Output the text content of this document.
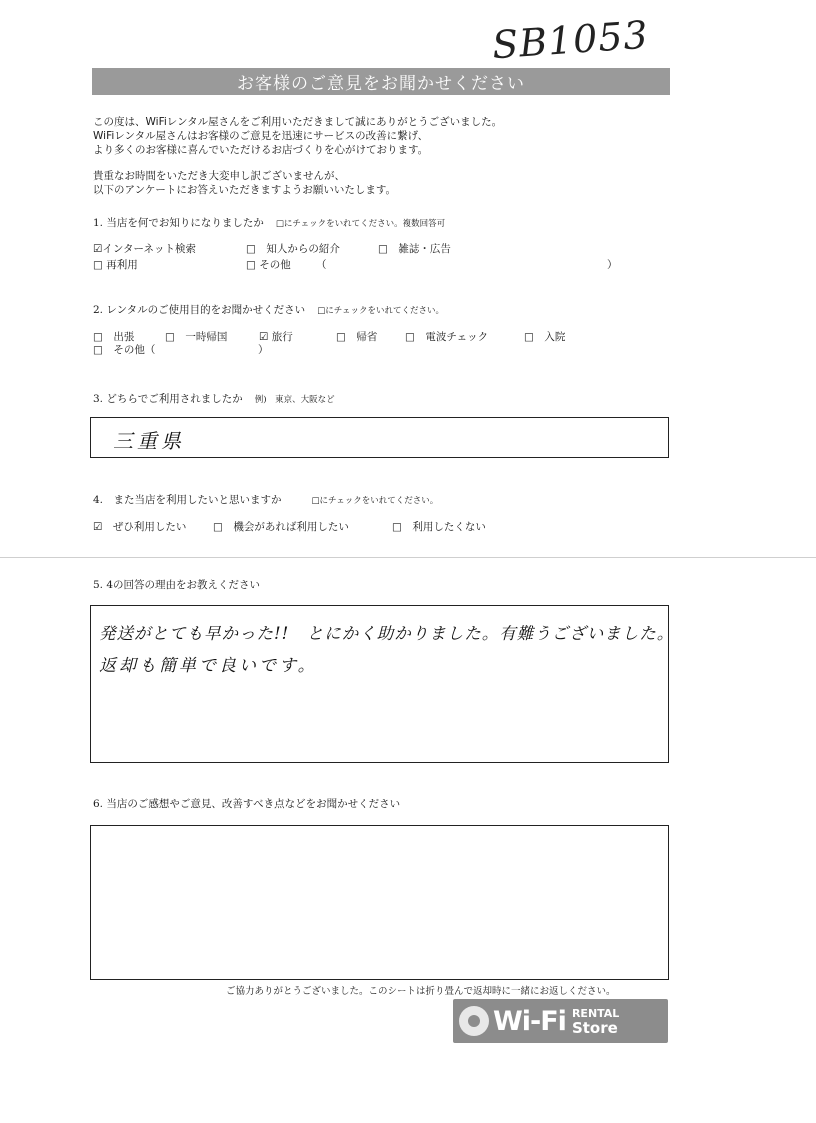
SB1053
お客様のご意見をお聞かせください

この度は、WiFiレンタル屋さんをご利用いただきまして誠にありがとうございました。
WiFiレンタル屋さんはお客様のご意見を迅速にサービスの改善に繋げ、
より多くのお客様に喜んでいただけるお店づくりを心がけております。

貴重なお時間をいただき大変申し訳ございませんが、
以下のアンケートにお答えいただきますようお願いいたします。

1. 当店を何でお知りになりましたか □にチェックをいれてください。複数回答可
☑インターネット検索	□　 知人からの紹介	□　 雑誌・広告
□ 再利用	□ その他 （	）
2. レンタルのご使用目的をお聞かせください □にチェックをいれてください。
□　 出張	□　 一時帰国	☑ 旅行	□　 帰省	□　 電波チェック	□　 入院
□　 その他（	）
3. どちらでご利用されましたか 例)　東京、大阪など
三重県
4.　また当店を利用したいと思いますか	□にチェックをいれてください。
☑　 ぜひ利用したい	□　 機会があれば利用したい	□　 利用したくない
5. 4の回答の理由をお教えください
発送がとても早かった!!　とにかく助かりました。有難うございました。
返却も簡単で良いです。
6. 当店のご感想やご意見、改善すべき点などをお聞かせください
ご協力ありがとうございました。このシートは折り畳んで返却時に一緒にお返しください。
Wi-Fi RENTAL
Store
